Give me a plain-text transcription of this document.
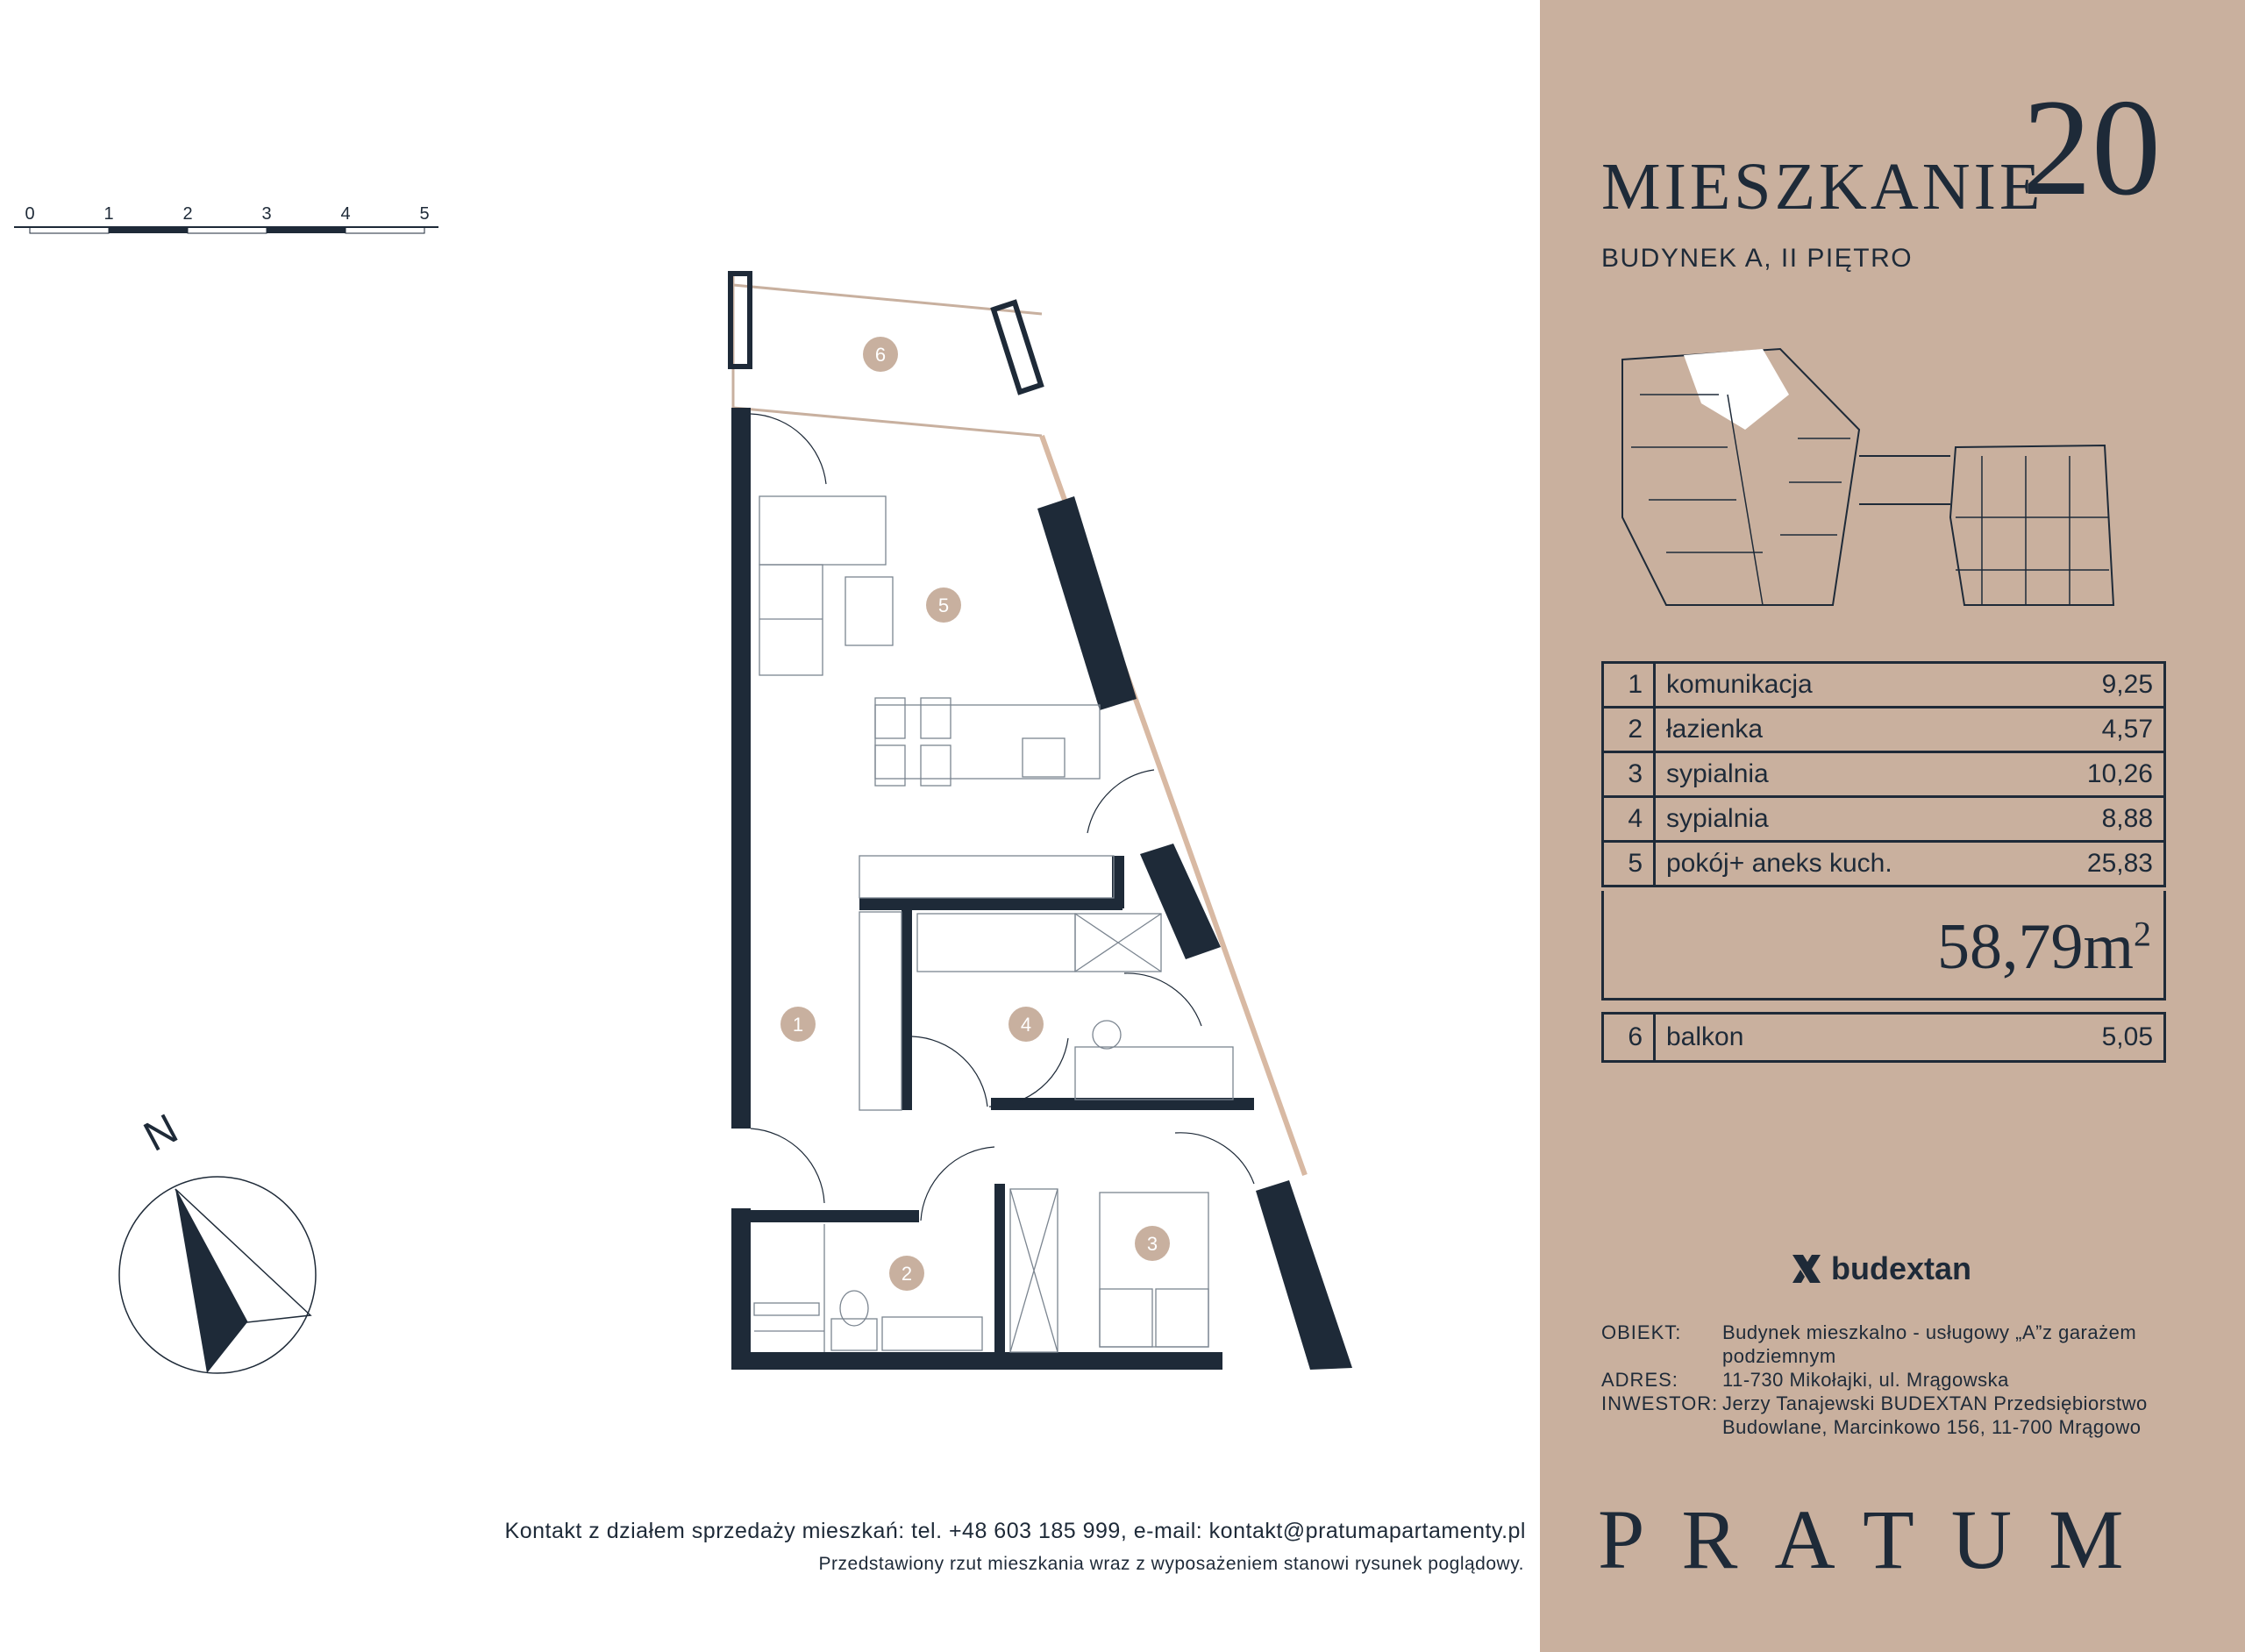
0	1	2	3	4	5
N
1
2
3
4
5
6
MIESZKANIE
20
BUDYNEK A, II PIĘTRO
1	komunikacja	9,25
2	łazienka	4,57
3	sypialnia	10,26
4	sypialnia	8,88
5	pokój+ aneks kuch.	25,83
$58,79m^2$
6	balkon	5,05
budextan
OBIEKT:	Budynek mieszkalno - usługowy „A”z garażem podziemnym
ADRES:	11-730 Mikołajki, ul. Mrągowska
INWESTOR: Jerzy Tanajewski BUDEXTAN Przedsiębiorstwo Budowlane, Marcinkowo 156, 11-700 Mrągowo
PRATUM
Kontakt z działem sprzedaży mieszkań: tel. +48 603 185 999, e-mail: kontakt@pratumapartamenty.pl
Przedstawiony rzut mieszkania wraz z wyposażeniem stanowi rysunek poglądowy.
